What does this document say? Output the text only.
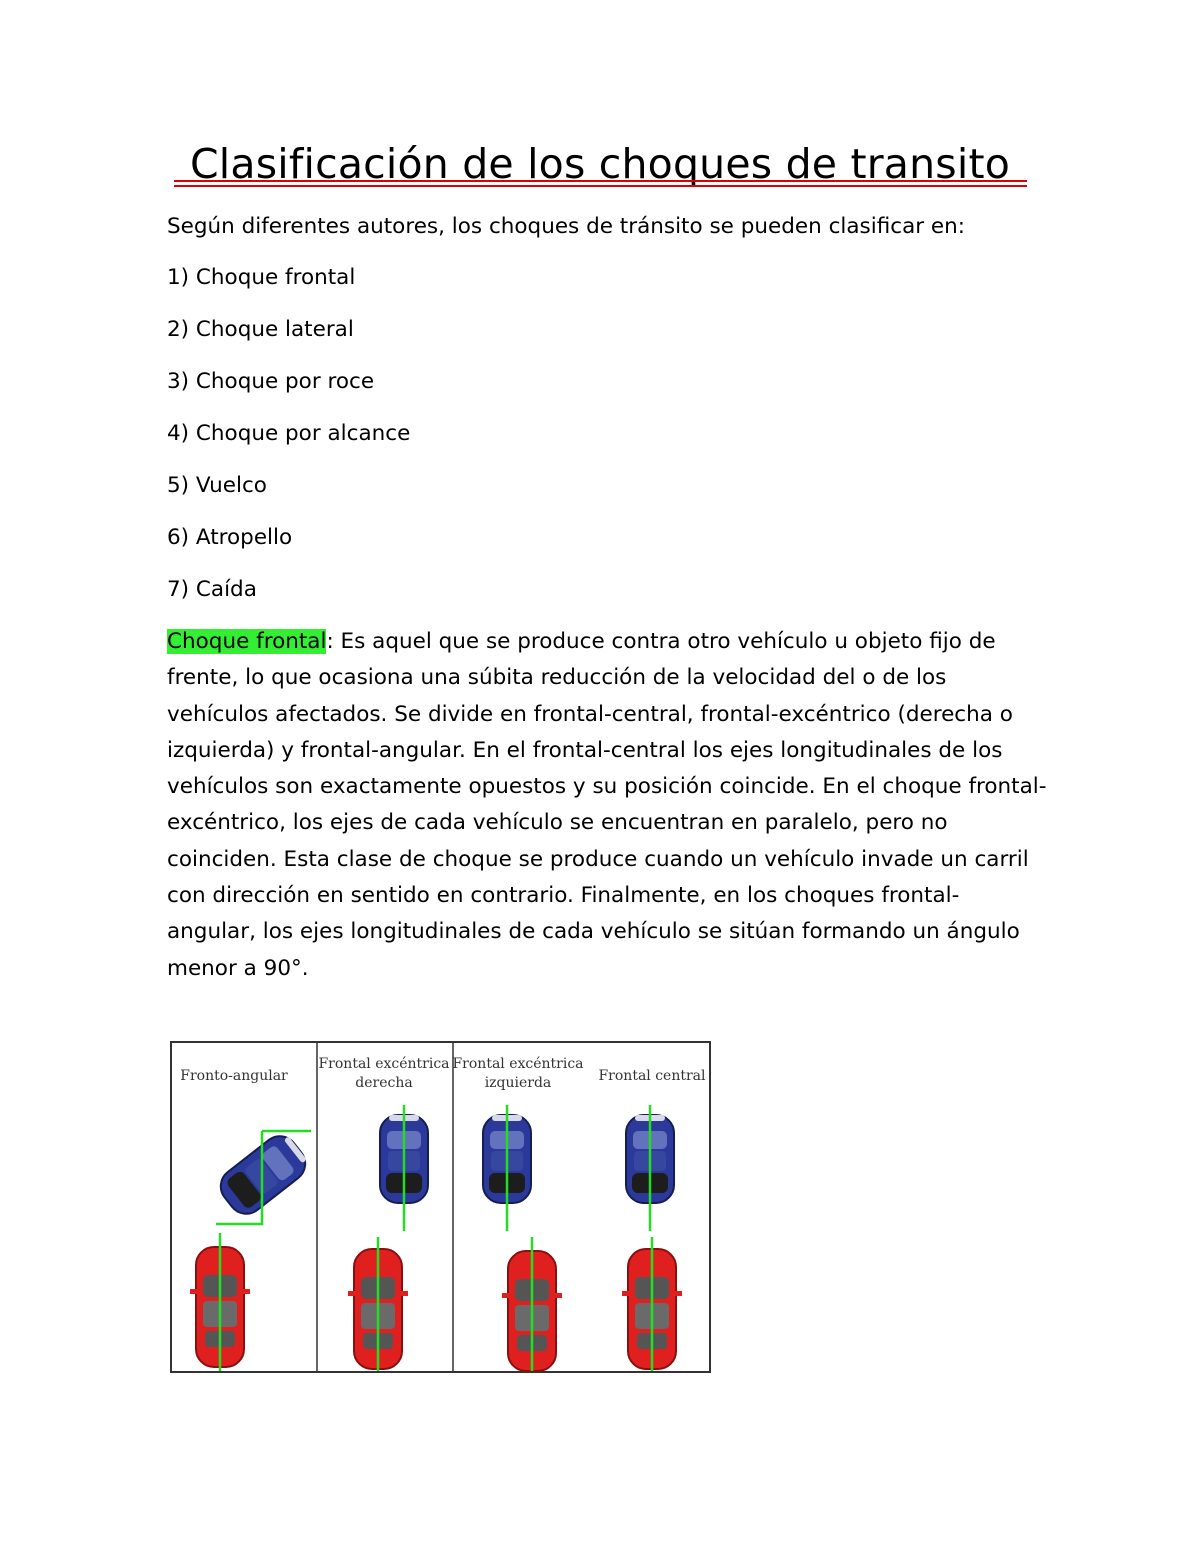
Clasificación de los choques de transito
Según diferentes autores, los choques de tránsito se pueden clasificar en:
1) Choque frontal
2) Choque lateral
3) Choque por roce
4) Choque por alcance
5) Vuelco
6) Atropello
7) Caída

Choque frontal: Es aquel que se produce contra otro vehículo u objeto fijo de frente, lo que ocasiona una súbita reducción de la velocidad del o de los vehículos afectados. Se divide en frontal-central, frontal-excéntrico (derecha o izquierda) y frontal-angular. En el frontal-central los ejes longitudinales de los vehículos son exactamente opuestos y su posición coincide. En el choque frontal-excéntrico, los ejes de cada vehículo se encuentran en paralelo, pero no coinciden. Esta clase de choque se produce cuando un vehículo invade un carril con dirección en sentido en contrario. Finalmente, en los choques frontal-angular, los ejes longitudinales de cada vehículo se sitúan formando un ángulo menor a 90°.

Fronto-angular
Frontal excéntrica
derecha
Frontal excéntrica
izquierda	Frontal central
